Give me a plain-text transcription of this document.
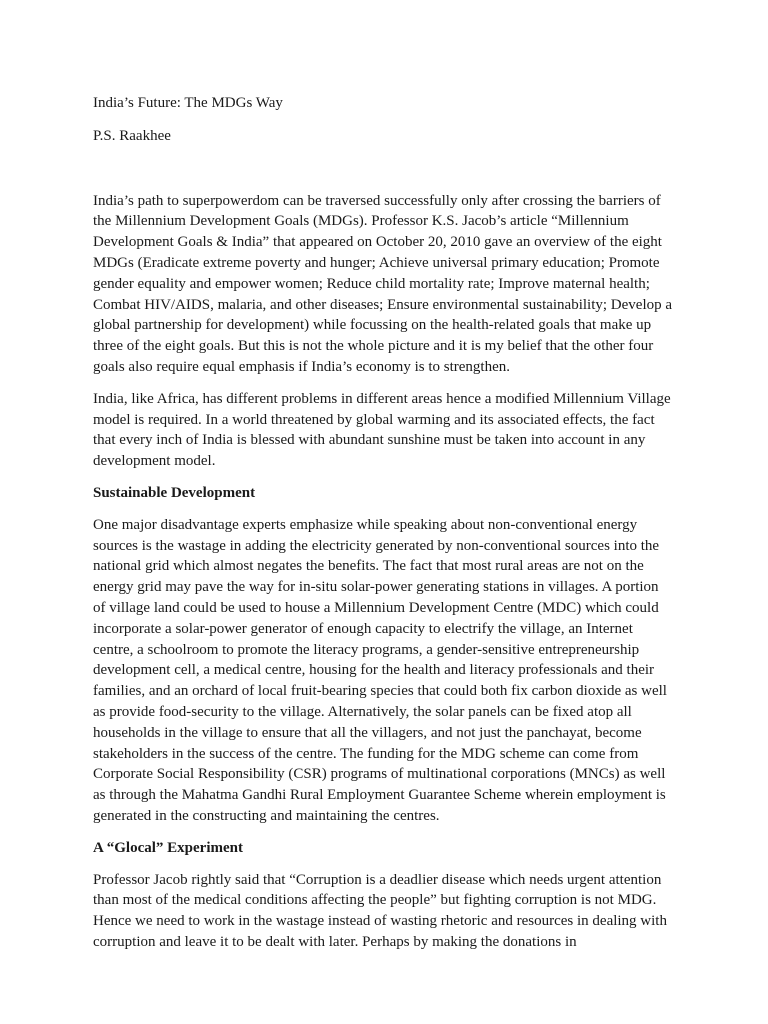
India’s Future: The MDGs Way

P.S. Raakhee

India’s path to superpowerdom can be traversed successfully only after crossing the barriers of the Millennium Development Goals (MDGs). Professor K.S. Jacob’s article “Millennium Development Goals & India” that appeared on October 20, 2010 gave an overview of the eight MDGs (Eradicate extreme poverty and hunger; Achieve universal primary education; Promote gender equality and empower women; Reduce child mortality rate; Improve maternal health; Combat HIV/AIDS, malaria, and other diseases; Ensure environmental sustainability; Develop a global partnership for development) while focussing on the health-related goals that make up three of the eight goals. But this is not the whole picture and it is my belief that the other four goals also require equal emphasis if India’s economy is to strengthen.

India, like Africa, has different problems in different areas hence a modified Millennium Village model is required. In a world threatened by global warming and its associated effects, the fact that every inch of India is blessed with abundant sunshine must be taken into account in any development model.

Sustainable Development

One major disadvantage experts emphasize while speaking about non-conventional energy sources is the wastage in adding the electricity generated by non-conventional sources into the national grid which almost negates the benefits. The fact that most rural areas are not on the energy grid may pave the way for in-situ solar-power generating stations in villages. A portion of village land could be used to house a Millennium Development Centre (MDC) which could incorporate a solar-power generator of enough capacity to electrify the village, an Internet centre, a schoolroom to promote the literacy programs, a gender-sensitive entrepreneurship development cell, a medical centre, housing for the health and literacy professionals and their families, and an orchard of local fruit-bearing species that could both fix carbon dioxide as well as provide food-security to the village. Alternatively, the solar panels can be fixed atop all households in the village to ensure that all the villagers, and not just the panchayat, become stakeholders in the success of the centre. The funding for the MDG scheme can come from Corporate Social Responsibility (CSR) programs of multinational corporations (MNCs) as well as through the Mahatma Gandhi Rural Employment Guarantee Scheme wherein employment is generated in the constructing and maintaining the centres.

A “Glocal” Experiment

Professor Jacob rightly said that “Corruption is a deadlier disease which needs urgent attention than most of the medical conditions affecting the people” but fighting corruption is not MDG. Hence we need to work in the wastage instead of wasting rhetoric and resources in dealing with corruption and leave it to be dealt with later. Perhaps by making the donations in
